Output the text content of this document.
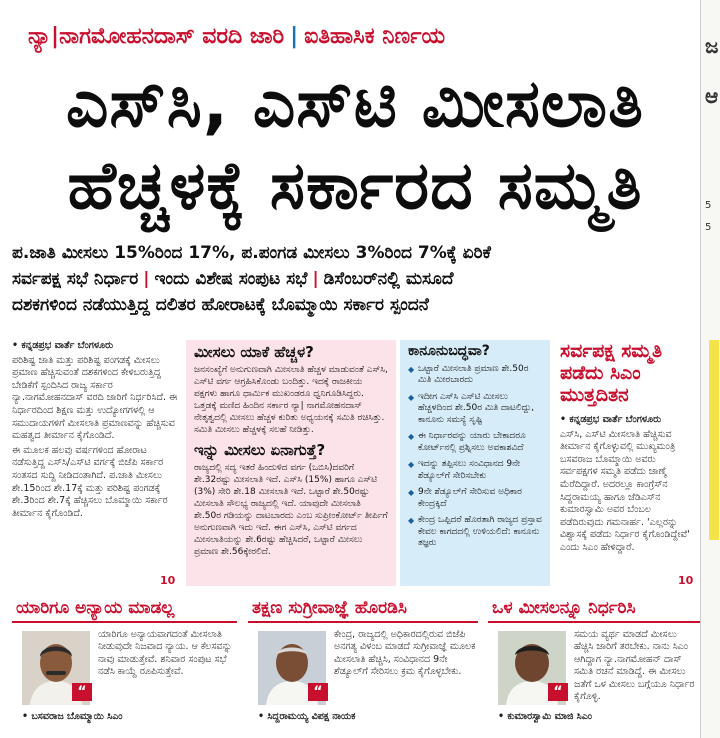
ನ್ಯಾ|ನಾಗಮೋಹನದಾಸ್ ವರದಿ ಜಾರಿ | ಐತಿಹಾಸಿಕ ನಿರ್ಣಯ
ಎಸ್‌ಸಿ, ಎಸ್‌ಟಿ ಮೀಸಲಾತಿ
ಹೆಚ್ಚಳಕ್ಕೆ ಸರ್ಕಾರದ ಸಮ್ಮತಿ
ಪ.ಜಾತಿ ಮೀಸಲು 15%ರಿಂದ 17%, ಪ.ಪಂಗಡ ಮೀಸಲು 3%ರಿಂದ 7%ಕ್ಕೆ ಏರಿಕೆ
ಸರ್ವಪಕ್ಷ ಸಭೆ ನಿರ್ಧಾರ | ಇಂದು ವಿಶೇಷ ಸಂಪುಟ ಸಭೆ | ಡಿಸೆಂಬರ್‌ನಲ್ಲಿ ಮಸೂದೆ
ದಶಕಗಳಿಂದ ನಡೆಯುತ್ತಿದ್ದ ದಲಿತರ ಹೋರಾಟಕ್ಕೆ ಬೊಮ್ಮಾಯಿ ಸರ್ಕಾರ ಸ್ಪಂದನೆ

• ಕನ್ನಡಪ್ರಭ ವಾರ್ತೆ ಬೆಂಗಳೂರು

ಪರಿಶಿಷ್ಟ ಜಾತಿ ಮತ್ತು ಪರಿಶಿಷ್ಟ ಪಂಗಡಕ್ಕೆ ಮೀಸಲು ಪ್ರಮಾಣ ಹೆಚ್ಚಿಸುವಂತೆ ದಶಕಗಳಿಂದ ಕೇಳಿಬರುತ್ತಿದ್ದ ಬೇಡಿಕೆಗೆ ಸ್ಪಂದಿಸಿದ ರಾಜ್ಯ ಸರ್ಕಾರ ನ್ಯಾ.ನಾಗಮೋಹನದಾಸ್ ವರದಿ ಜಾರಿಗೆ ನಿರ್ಧರಿಸಿದೆ. ಈ ನಿರ್ಧಾರದಿಂದ ಶಿಕ್ಷಣ ಮತ್ತು ಉದ್ಯೋಗಗಳಲ್ಲಿ ಆ ಸಮುದಾಯಗಳಿಗೆ ಮೀಸಲಾತಿ ಪ್ರಮಾಣವನ್ನು ಹೆಚ್ಚಿಸುವ ಮಹತ್ವದ ತೀರ್ಮಾನ ಕೈಗೊಂಡಿದೆ.

ಈ ಮೂಲಕ ಹಲವು ವರ್ಷಗಳಿಂದ ಹೋರಾಟ ನಡೆಸುತ್ತಿದ್ದ ಎಸ್‌ಸಿ/ಎಸ್‌ಟಿ ವರ್ಗಕ್ಕೆ ಬಿಜೆಪಿ ಸರ್ಕಾರ ಸಂತಸದ ಸುದ್ದಿ ನೀಡಿದಂತಾಗಿದೆ. ಪ.ಜಾತಿ ಮೀಸಲು ಶೇ.15ರಿಂದ ಶೇ.17ಕ್ಕೆ ಮತ್ತು ಪರಿಶಿಷ್ಟ ಪಂಗಡಕ್ಕೆ ಶೇ.3ರಿಂದ ಶೇ.7ಕ್ಕೆ ಹೆಚ್ಚಿಸಲು ಬೊಮ್ಮಾಯಿ ಸರ್ಕಾರ ತೀರ್ಮಾನ ಕೈಗೊಂಡಿದೆ.

10
ಮೀಸಲು ಯಾಕೆ ಹೆಚ್ಚಳ?

ಜನಸಂಖ್ಯೆಗೆ ಅನುಗುಣವಾಗಿ ಮೀಸಲಾತಿ ಹೆಚ್ಚಳ ಮಾಡುವಂತೆ ಎಸ್‌ಸಿ, ಎಸ್‌ಟಿ ವರ್ಗ ಆಗ್ರಹಿಸಿಕೊಂಡು ಬಂದಿತ್ತು. ಇದಕ್ಕೆ ರಾಜಕೀಯ ಪಕ್ಷಗಳು ಹಾಗೂ ಧಾರ್ಮಿಕ ಮುಖಂಡರೂ ಧ್ವನಿಗೂಡಿಸಿದ್ದರು. ಒತ್ತಡಕ್ಕೆ ಮಣಿದ ಹಿಂದಿನ ಸರ್ಕಾರ ನ್ಯಾ| ನಾಗಮೋಹನದಾಸ್ ನೇತೃತ್ವದಲ್ಲಿ ಮೀಸಲು ಹೆಚ್ಚಳ ಕುರಿತು ಅಧ್ಯಯನಕ್ಕೆ ಸಮಿತಿ ರಚಿಸಿತ್ತು. ಸಮಿತಿ ಮೀಸಲು ಹೆಚ್ಚಳಕ್ಕೆ ಸಲಹೆ ನೀಡಿತ್ತು.

ಇನ್ನು ಮೀಸಲು ಏನಾಗುತ್ತೆ?

ರಾಜ್ಯದಲ್ಲಿ ಸದ್ಯ ಇತರೆ ಹಿಂದುಳಿದ ವರ್ಗ (ಒಬಿಸಿ)ದವರಿಗೆ ಶೇ.32ರಷ್ಟು ಮೀಸಲಾತಿ ಇದೆ. ಎಸ್‌ಸಿ (15%) ಹಾಗೂ ಎಸ್‌ಟಿ (3%) ಸೇರಿ ಶೇ.18 ಮೀಸಲಾತಿ ಇದೆ. ಒಟ್ಟಾರೆ ಶೇ.50ರಷ್ಟು ಮೀಸಲಾತಿ ಸೌಲಭ್ಯ ರಾಜ್ಯದಲ್ಲಿ ಇದೆ. ಯಾವುದೇ ಮೀಸಲಾತಿ ಶೇ.50ರ ಗಡಿಯನ್ನು ದಾಟಬಾರದು ಎಂಬ ಸುಪ್ರೀಂಕೋರ್ಟ್ ತೀರ್ಪಿಗೆ ಅನುಗುಣವಾಗಿ ಇದು ಇದೆ. ಈಗ ಎಸ್‌ಸಿ, ಎಸ್‌ಟಿ ವರ್ಗದ ಮೀಸಲಾತಿಯನ್ನು ಶೇ.6ರಷ್ಟು ಹೆಚ್ಚಿಸಿದರೆ, ಒಟ್ಟಾರೆ ಮೀಸಲು ಪ್ರಮಾಣ ಶೇ.56ಕ್ಕೇರಲಿದೆ.

ಕಾನೂನುಬದ್ಧವಾ?
◆ ಒಟ್ಟಾರೆ ಮೀಸಲಾತಿ ಪ್ರಮಾಣ ಶೇ.50ರ ಮಿತಿ ಮೀರಬಾರದು
◆ ಇದೀಗ ಎಸ್‌ಸಿ ಎಸ್‌ಟಿ ಮೀಸಲು ಹೆಚ್ಚಳದಿಂದ ಶೇ.50ರ ಮಿತಿ ದಾಟಲಿದ್ದು, ಕಾನೂನು ಸಮಸ್ಯೆ ಸೃಷ್ಟಿ
◆ ಈ ನಿರ್ಧಾರವನ್ನು ಯಾರು ಬೇಕಾದರೂ ಕೋರ್ಟ್‌ನಲ್ಲಿ ಪ್ರಶ್ನಿಸಲು ಅವಕಾಶವಿದೆ
◆ ಇದನ್ನು ತಪ್ಪಿಸಲು ಸಂವಿಧಾನದ 9ನೇ ಶೆಡ್ಯೂಲ್‌ಗೆ ಸೇರಿಸಬೇಕು
◆ 9ನೇ ಶೆಡ್ಯೂಲ್‌ಗೆ ಸೇರಿಸುವ ಅಧಿಕಾರ ಕೇಂದ್ರಕ್ಕಿದೆ
◆ ಕೇಂದ್ರ ಒಪ್ಪಿದರೆ ಹೊರತಾಗಿ ರಾಜ್ಯದ ಪ್ರಸ್ತಾವ ಕೇವಲ ಕಾಗದದಲ್ಲಿ ಉಳಿಯಲಿದೆ: ಕಾನೂನು ತಜ್ಞರು
ಸರ್ವಪಕ್ಷ ಸಮ್ಮತಿ ಪಡೆದು ಸಿಎಂ ಮುತ್ತದಿತನ

• ಕನ್ನಡಪ್ರಭ ವಾರ್ತೆ ಬೆಂಗಳೂರು

ಎಸ್‌ಸಿ, ಎಸ್‌ಟಿ ಮೀಸಲಾತಿ ಹೆಚ್ಚಿಸುವ ತೀರ್ಮಾನ ಕೈಗೊಳ್ಳುವಲ್ಲಿ ಮುಖ್ಯಮಂತ್ರಿ ಬಸವರಾಜ ಬೊಮ್ಮಾಯಿ ಅವರು ಸರ್ವಪಕ್ಷಗಳ ಸಮ್ಮತಿ ಪಡೆದು ಜಾಣ್ಮೆ ಮೆರೆದಿದ್ದಾರೆ. ಅದರಲ್ಲೂ ಕಾಂಗ್ರೆಸ್‌ನ ಸಿದ್ದರಾಮಯ್ಯ ಹಾಗೂ ಜೆಡಿಎಸ್‌ನ ಕುಮಾರಸ್ವಾಮಿ ಅವರ ಬೆಂಬಲ ಪಡೆದಿರುವುದು ಗಮನಾರ್ಹ. 'ಎಲ್ಲರನ್ನು ವಿಶ್ವಾಸಕ್ಕೆ ಪಡೆದು ನಿರ್ಧಾರ ಕೈಗೊಂಡಿದ್ದೇವೆ' ಎಂದು ಸಿಎಂ ಹೇಳಿದ್ದಾರೆ.

10
ಯಾರಿಗೂ ಅನ್ಯಾಯ ಮಾಡಲ್ಲ
“
ಯಾರಿಗೂ ಅನ್ಯಾಯವಾಗದಂತೆ ಮೀಸಲಾತಿ ನೀಡುವುದೇ ನಿಜವಾದ ನ್ಯಾಯ. ಆ ಕೆಲಸವನ್ನು ನಾವು ಮಾಡುತ್ತೇವೆ. ಶನಿವಾರ ಸಂಪುಟ ಸಭೆ ನಡೆಸಿ ಕಾಯ್ದೆ ರೂಪಿಸುತ್ತೇವೆ.
• ಬಸವರಾಜ ಬೊಮ್ಮಾಯಿ ಸಿಎಂ
ತಕ್ಷಣ ಸುಗ್ರೀವಾಜ್ಞೆ ಹೊರಡಿಸಿ
“
ಕೇಂದ್ರ, ರಾಜ್ಯದಲ್ಲಿ ಅಧಿಕಾರದಲ್ಲಿರುವ ಬಿಜೆಪಿ ಅನಗತ್ಯ ವಿಳಂಬ ಮಾಡದೆ ಸುಗ್ರೀವಾಜ್ಞೆ ಮೂಲಕ ಮೀಸಲಾತಿ ಹೆಚ್ಚಿಸಿ, ಸಂವಿಧಾನದ 9ನೇ ಶೆಡ್ಯೂಲ್‌ಗೆ ಸೇರಿಸಲು ಕ್ರಮ ಕೈಗೊಳ್ಳಬೇಕು.
• ಸಿದ್ದರಾಮಯ್ಯ ವಿಪಕ್ಷ ನಾಯಕ
ಒಳ ಮೀಸಲನ್ನೂ ನಿರ್ಧರಿಸಿ
“
ಸಮಯ ವ್ಯರ್ಥ ಮಾಡದೆ ಮೀಸಲು ಹೆಚ್ಚಿಸಿ ಜಾರಿಗೆ ತರಬೇಕು. ನಾನು ಸಿಎಂ ಆಗಿದ್ದಾಗ ನ್ಯಾ.ನಾಗಮೋಹನ್ ದಾಸ್ ಸಮಿತಿ ರಚನೆ ಮಾಡಿದ್ದೆ. ಈ ಮೀಸಲು ಜತೆಗೆ ಒಳ ಮೀಸಲು ಬಗ್ಗೆಯೂ ನಿರ್ಧಾರ ಕೈಗೊಳ್ಳಿ.
• ಕುಮಾರಸ್ವಾಮಿ ಮಾಜಿ ಸಿಎಂ
ಜ
ಆ
5
5
